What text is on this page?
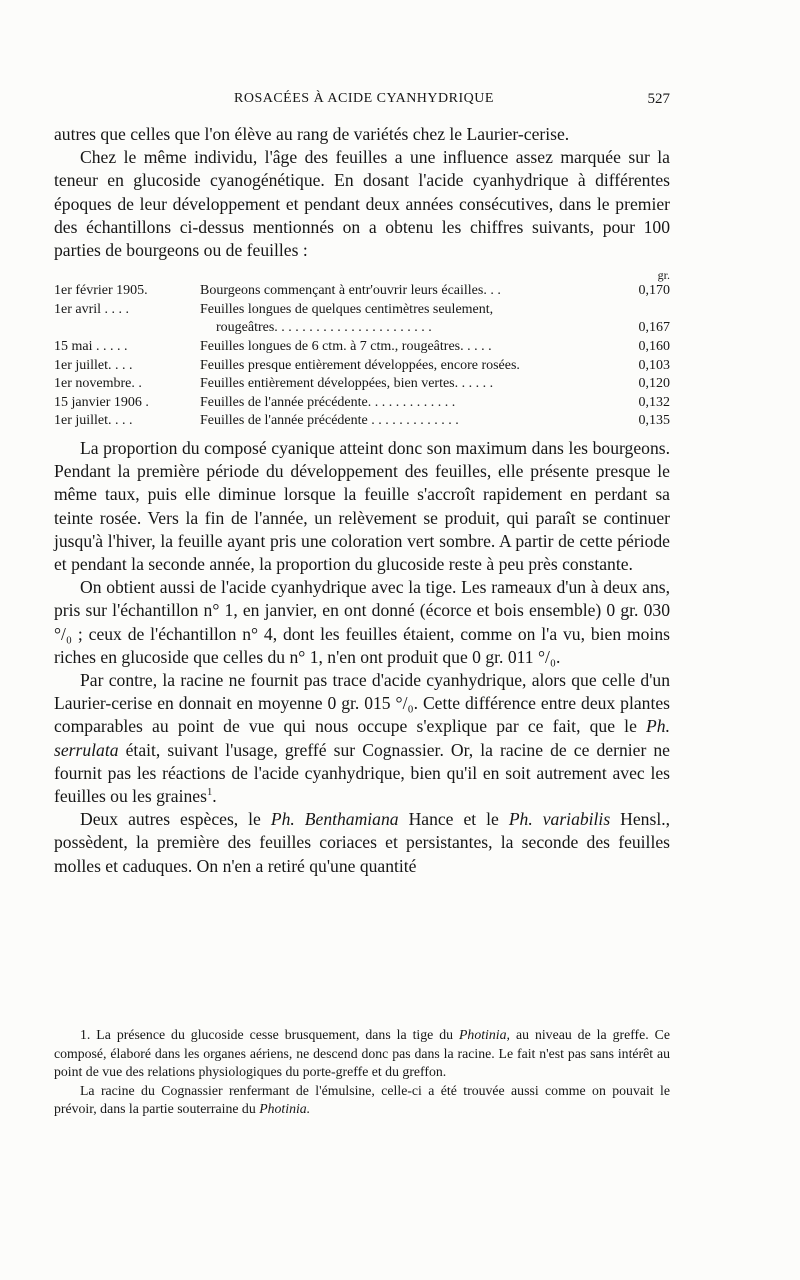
ROSACÉES À ACIDE CYANHYDRIQUE	527

autres que celles que l'on élève au rang de variétés chez le Laurier-cerise.

Chez le même individu, l'âge des feuilles a une influence assez marquée sur la teneur en glucoside cyanogénétique. En dosant l'acide cyanhydrique à différentes époques de leur développement et pendant deux années consécutives, dans le premier des échantillons ci-dessus mentionnés on a obtenu les chiffres suivants, pour 100 parties de bourgeons ou de feuilles :

gr.
1er février 1905.	Bourgeons commençant à entr'ouvrir leurs écailles. . .	0,170
1er avril . . . .	Feuilles longues de quelques centimètres seulement,
rougeâtres. . . . . . . . . . . . . . . . . . . . . . .	0,167
15 mai . . . . .	Feuilles longues de 6 ctm. à 7 ctm., rougeâtres. . . . .	0,160
1er juillet. . . .	Feuilles presque entièrement développées, encore rosées.	0,103
1er novembre. .	Feuilles entièrement développées, bien vertes. . . . . .	0,120
15 janvier 1906 .	Feuilles de l'année précédente. . . . . . . . . . . . .	0,132
1er juillet. . . .	Feuilles de l'année précédente . . . . . . . . . . . . .	0,135

La proportion du composé cyanique atteint donc son maximum dans les bourgeons. Pendant la première période du développement des feuilles, elle présente presque le même taux, puis elle diminue lorsque la feuille s'accroît rapidement en perdant sa teinte rosée. Vers la fin de l'année, un relèvement se produit, qui paraît se continuer jusqu'à l'hiver, la feuille ayant pris une coloration vert sombre. A partir de cette période et pendant la seconde année, la proportion du glucoside reste à peu près constante.

On obtient aussi de l'acide cyanhydrique avec la tige. Les rameaux d'un à deux ans, pris sur l'échantillon n° 1, en janvier, en ont donné (écorce et bois ensemble) 0 gr. 030 °/₀ ; ceux de l'échantillon n° 4, dont les feuilles étaient, comme on l'a vu, bien moins riches en glucoside que celles du n° 1, n'en ont produit que 0 gr. 011 °/₀.

Par contre, la racine ne fournit pas trace d'acide cyanhydrique, alors que celle d'un Laurier-cerise en donnait en moyenne 0 gr. 015 °/₀. Cette différence entre deux plantes comparables au point de vue qui nous occupe s'explique par ce fait, que le Ph. serrulata était, suivant l'usage, greffé sur Cognassier. Or, la racine de ce dernier ne fournit pas les réactions de l'acide cyanhydrique, bien qu'il en soit autrement avec les feuilles ou les graines$^1$.

Deux autres espèces, le Ph. Benthamiana Hance et le Ph. variabilis Hensl., possèdent, la première des feuilles coriaces et persistantes, la seconde des feuilles molles et caduques. On n'en a retiré qu'une quantité

1. La présence du glucoside cesse brusquement, dans la tige du Photinia, au niveau de la greffe. Ce composé, élaboré dans les organes aériens, ne descend donc pas dans la racine. Le fait n'est pas sans intérêt au point de vue des relations physiologiques du porte-greffe et du greffon.

La racine du Cognassier renfermant de l'émulsine, celle-ci a été trouvée aussi comme on pouvait le prévoir, dans la partie souterraine du Photinia.
